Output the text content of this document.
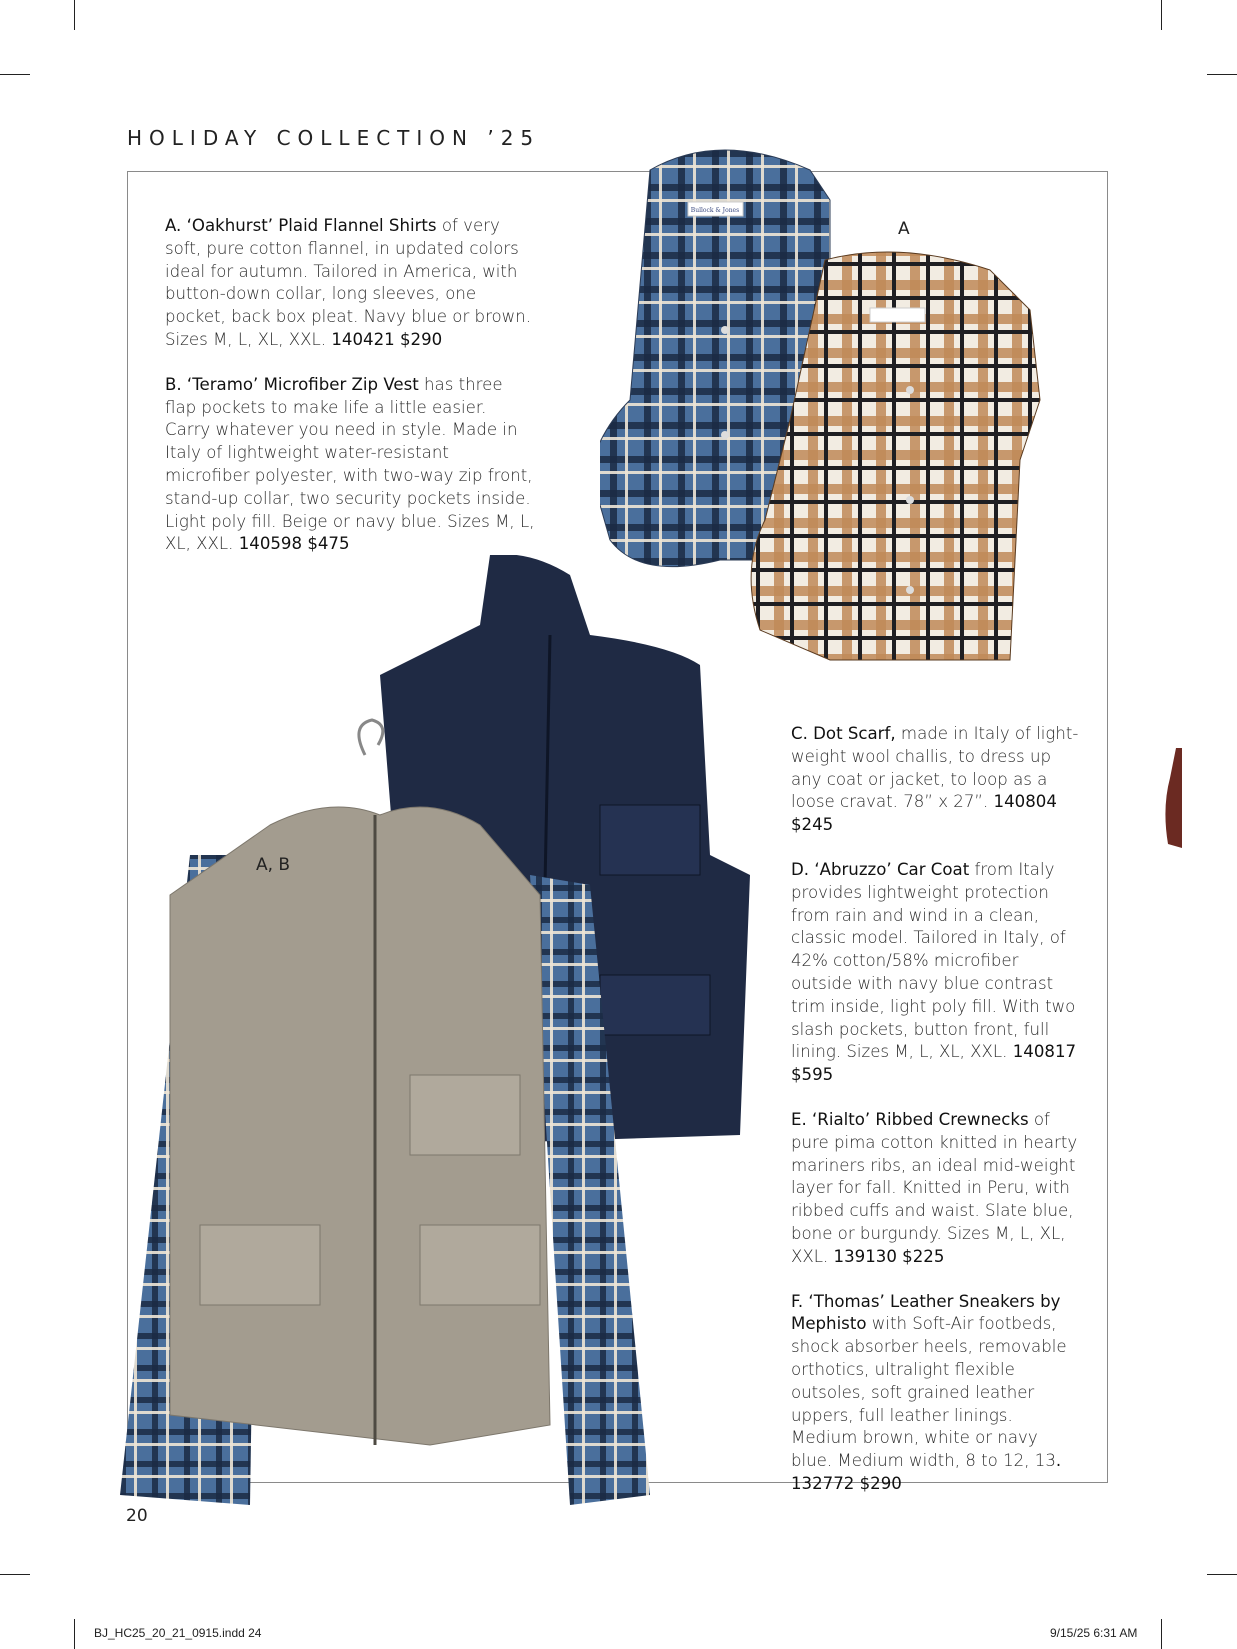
HOLIDAY COLLECTION ’25
Bullock & Jones
A
A, B

A. ‘Oakhurst’ Plaid Flannel Shirts of very soft, pure cotton flannel, in updated colors ideal for autumn. Tailored in America, with button-down collar, long sleeves, one pocket, back box pleat. Navy blue or brown. Sizes M, L, XL, XXL. 140421 $290

B. ‘Teramo’ Microfiber Zip Vest has three flap pockets to make life a little easier. Carry whatever you need in style. Made in Italy of lightweight water-resistant microfiber polyester, with two-way zip front, stand-up collar, two security pockets inside. Light poly fill. Beige or navy blue. Sizes M, L, XL, XXL. 140598 $475

C. Dot Scarf, made in Italy of light-weight wool challis, to dress up any coat or jacket, to loop as a loose cravat. 78” x 27”. 140804 $245

D. ‘Abruzzo’ Car Coat from Italy provides lightweight protection from rain and wind in a clean, classic model. Tailored in Italy, of 42% cotton/58% microfiber outside with navy blue contrast trim inside, light poly fill. With two slash pockets, button front, full lining. Sizes M, L, XL, XXL. 140817 $595

E. ‘Rialto’ Ribbed Crewnecks of pure pima cotton knitted in hearty mariners ribs, an ideal mid-weight layer for fall. Knitted in Peru, with ribbed cuffs and waist. Slate blue, bone or burgundy. Sizes M, L, XL, XXL. 139130 $225

F. ‘Thomas’ Leather Sneakers by Mephisto with Soft-Air footbeds, shock absorber heels, removable orthotics, ultralight flexible outsoles, soft grained leather uppers, full leather linings. Medium brown, white or navy blue. Medium width, 8 to 12, 13. 132772 $290

20
BJ_HC25_20_21_0915.indd 24	9/15/25 6:31 AM
